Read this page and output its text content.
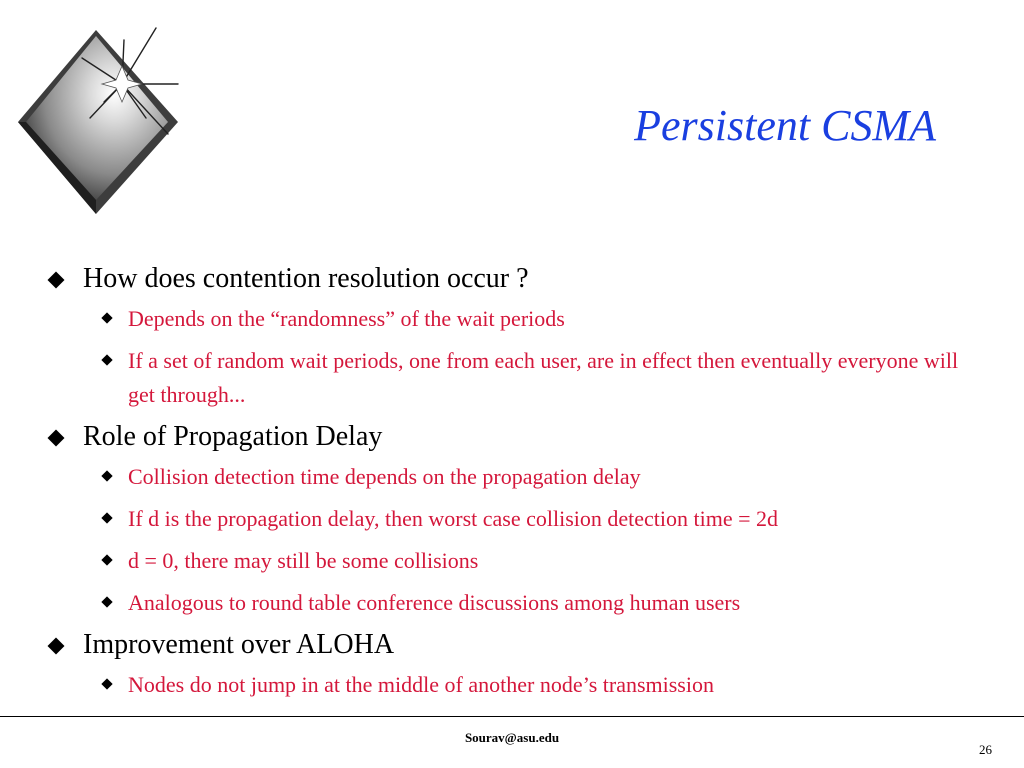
Persistent CSMA
How does contention resolution occur ?
Depends on the “randomness” of the wait periods
If a set of random wait periods, one from each user, are in effect then eventually everyone will get through...
Role of Propagation Delay
Collision detection time depends on the propagation delay
If d is the propagation delay, then worst case collision detection time = 2d
d = 0, there may still be some collisions
Analogous to round table conference discussions among human users
Improvement over ALOHA
Nodes do not jump in at the middle of another node’s transmission
Sourav@asu.edu
26
